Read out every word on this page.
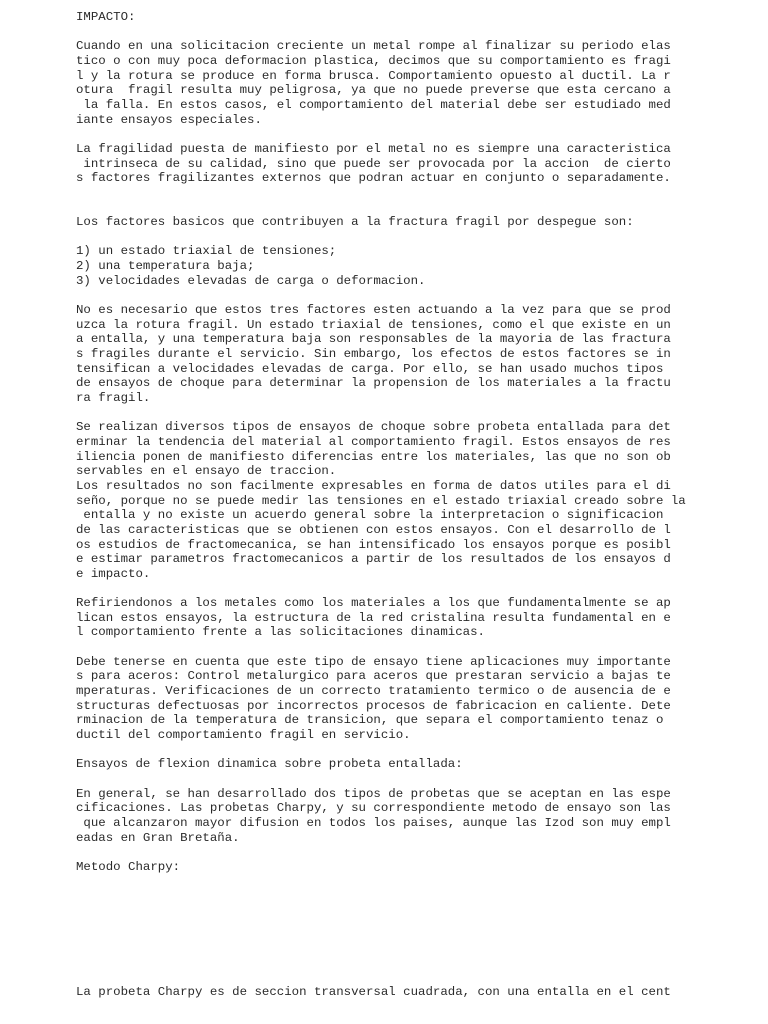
IMPACTO:
Cuando en una solicitacion creciente un metal rompe al finalizar su periodo elas
tico o con muy poca deformacion plastica, decimos que su comportamiento es fragi
l y la rotura se produce en forma brusca. Comportamiento opuesto al ductil. La r
otura  fragil resulta muy peligrosa, ya que no puede preverse que esta cercano a
la falla. En estos casos, el comportamiento del material debe ser estudiado med
iante ensayos especiales.
La fragilidad puesta de manifiesto por el metal no es siempre una caracteristica
intrinseca de su calidad, sino que puede ser provocada por la accion  de cierto
s factores fragilizantes externos que podran actuar en conjunto o separadamente.
Los factores basicos que contribuyen a la fractura fragil por despegue son:
1) un estado triaxial de tensiones;
2) una temperatura baja;
3) velocidades elevadas de carga o deformacion.
No es necesario que estos tres factores esten actuando a la vez para que se prod
uzca la rotura fragil. Un estado triaxial de tensiones, como el que existe en un
a entalla, y una temperatura baja son responsables de la mayoria de las fractura
s fragiles durante el servicio. Sin embargo, los efectos de estos factores se in
tensifican a velocidades elevadas de carga. Por ello, se han usado muchos tipos
de ensayos de choque para determinar la propension de los materiales a la fractu
ra fragil.
Se realizan diversos tipos de ensayos de choque sobre probeta entallada para det
erminar la tendencia del material al comportamiento fragil. Estos ensayos de res
iliencia ponen de manifiesto diferencias entre los materiales, las que no son ob
servables en el ensayo de traccion.
Los resultados no son facilmente expresables en forma de datos utiles para el di
seño, porque no se puede medir las tensiones en el estado triaxial creado sobre la
entalla y no existe un acuerdo general sobre la interpretacion o significacion
de las caracteristicas que se obtienen con estos ensayos. Con el desarrollo de l
os estudios de fractomecanica, se han intensificado los ensayos porque es posibl
e estimar parametros fractomecanicos a partir de los resultados de los ensayos d
e impacto.
Refiriendonos a los metales como los materiales a los que fundamentalmente se ap
lican estos ensayos, la estructura de la red cristalina resulta fundamental en e
l comportamiento frente a las solicitaciones dinamicas.
Debe tenerse en cuenta que este tipo de ensayo tiene aplicaciones muy importante
s para aceros: Control metalurgico para aceros que prestaran servicio a bajas te
mperaturas. Verificaciones de un correcto tratamiento termico o de ausencia de e
structuras defectuosas por incorrectos procesos de fabricacion en caliente. Dete
rminacion de la temperatura de transicion, que separa el comportamiento tenaz o
ductil del comportamiento fragil en servicio.
Ensayos de flexion dinamica sobre probeta entallada:
En general, se han desarrollado dos tipos de probetas que se aceptan en las espe
cificaciones. Las probetas Charpy, y su correspondiente metodo de ensayo son las
que alcanzaron mayor difusion en todos los paises, aunque las Izod son muy empl
eadas en Gran Bretaña.
Metodo Charpy:
La probeta Charpy es de seccion transversal cuadrada, con una entalla en el cent
